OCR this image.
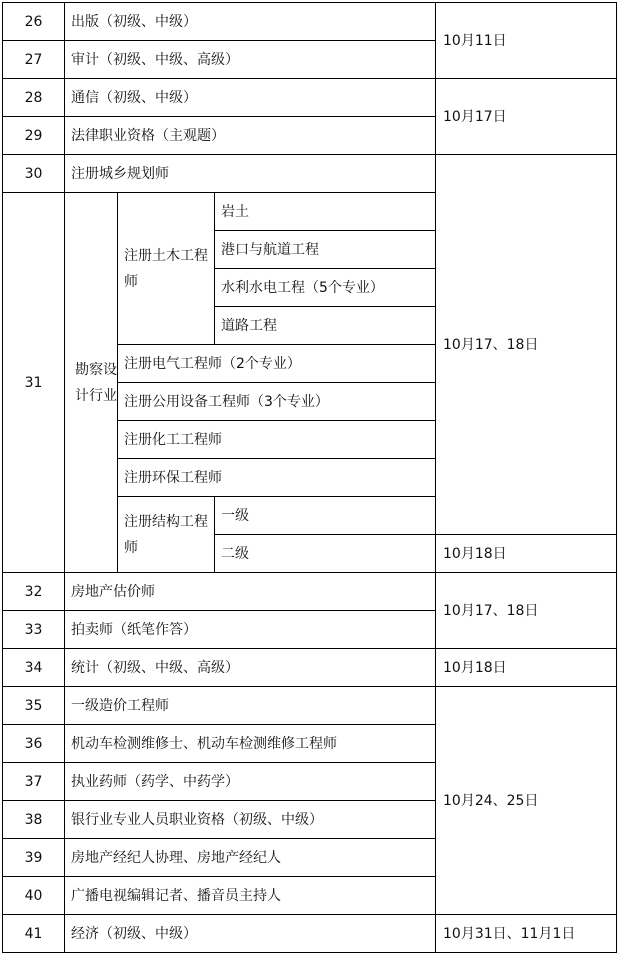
26	出版（初级、中级）			10月11日
27	审计（初级、中级、高级）			
28	通信（初级、中级）			10月17日
29	法律职业资格（主观题）			
30	注册城乡规划师			10月17、18日
31	勘察设计行业	注册土木工程师	岩土	
			港口与航道工程	
			水利水电工程（5个专业）	
			道路工程	
		注册电气工程师（2个专业）		
		注册公用设备工程师（3个专业）		
		注册化工工程师		
		注册环保工程师		
		注册结构工程师	一级	
			二级	10月18日
32	房地产估价师			10月17、18日
33	拍卖师（纸笔作答）			
34	统计（初级、中级、高级）			10月18日
35	一级造价工程师			10月24、25日
36	机动车检测维修士、机动车检测维修工程师			
37	执业药师（药学、中药学）			
38	银行业专业人员职业资格（初级、中级）			
39	房地产经纪人协理、房地产经纪人			
40	广播电视编辑记者、播音员主持人			
41	经济（初级、中级）			10月31日、11月1日
